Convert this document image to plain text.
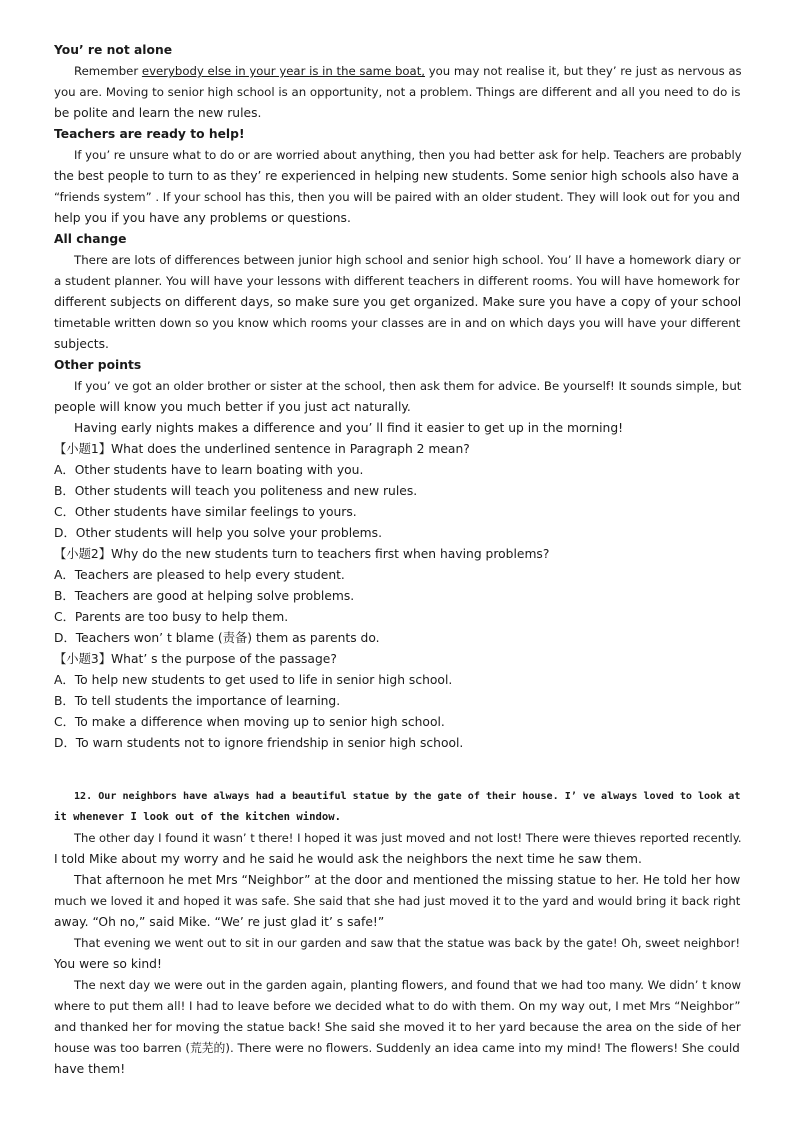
You’ re not alone
Remember everybody else in your year is in the same boat, you may not realise it, but they’ re just as nervous as
you are. Moving to senior high school is an opportunity, not a problem. Things are different and all you need to do is
be polite and learn the new rules.
Teachers are ready to help!
If you’ re unsure what to do or are worried about anything, then you had better ask for help. Teachers are probably
the best people to turn to as they’ re experienced in helping new students. Some senior high schools also have a
“friends system” . If your school has this, then you will be paired with an older student. They will look out for you and
help you if you have any problems or questions.
All change
There are lots of differences between junior high school and senior high school. You’ ll have a homework diary or
a student planner. You will have your lessons with different teachers in different rooms. You will have homework for
different subjects on different days, so make sure you get organized. Make sure you have a copy of your school
timetable written down so you know which rooms your classes are in and on which days you will have your different
subjects.
Other points
If you’ ve got an older brother or sister at the school, then ask them for advice. Be yourself! It sounds simple, but
people will know you much better if you just act naturally.
Having early nights makes a difference and you’ ll find it easier to get up in the morning!
【小题1】What does the underlined sentence in Paragraph 2 mean?
A．Other students have to learn boating with you.
B．Other students will teach you politeness and new rules.
C．Other students have similar feelings to yours.
D．Other students will help you solve your problems.
【小题2】Why do the new students turn to teachers first when having problems?
A．Teachers are pleased to help every student.
B．Teachers are good at helping solve problems.
C．Parents are too busy to help them.
D．Teachers won’ t blame (责备) them as parents do.
【小题3】What’ s the purpose of the passage?
A．To help new students to get used to life in senior high school.
B．To tell students the importance of learning.
C．To make a difference when moving up to senior high school.
D．To warn students not to ignore friendship in senior high school.
12. Our neighbors have always had a beautiful statue by the gate of their house. I’ ve always loved to look at
it whenever I look out of the kitchen window.
The other day I found it wasn’ t there! I hoped it was just moved and not lost! There were thieves reported recently.
I told Mike about my worry and he said he would ask the neighbors the next time he saw them.
That afternoon he met Mrs “Neighbor” at the door and mentioned the missing statue to her. He told her how
much we loved it and hoped it was safe. She said that she had just moved it to the yard and would bring it back right
away. “Oh no,” said Mike. “We’ re just glad it’ s safe!”
That evening we went out to sit in our garden and saw that the statue was back by the gate! Oh, sweet neighbor!
You were so kind!
The next day we were out in the garden again, planting flowers, and found that we had too many. We didn’ t know
where to put them all! I had to leave before we decided what to do with them. On my way out, I met Mrs “Neighbor”
and thanked her for moving the statue back! She said she moved it to her yard because the area on the side of her
house was too barren (荒芜的). There were no flowers. Suddenly an idea came into my mind! The flowers! She could
have them!
